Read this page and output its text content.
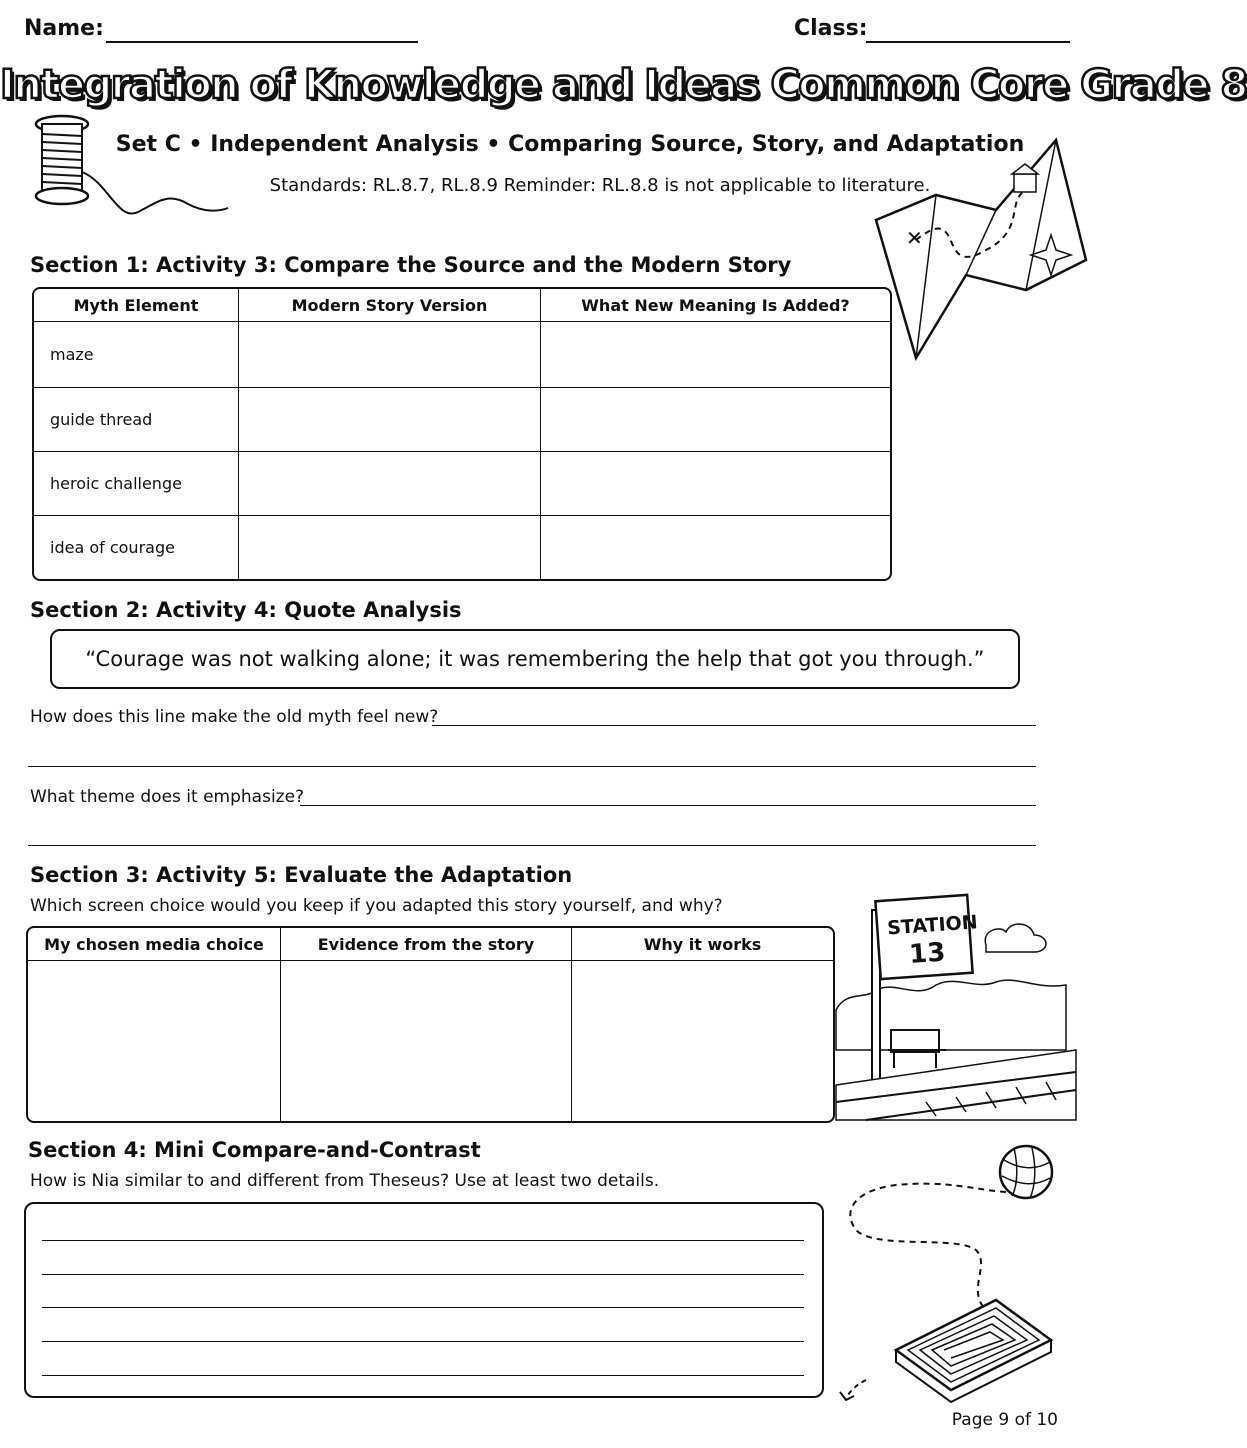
Name:	Class:
Integration of Knowledge and Ideas Common Core Grade 8
Set C • Independent Analysis • Comparing Source, Story, and Adaptation
Standards: RL.8.7, RL.8.9 Reminder: RL.8.8 is not applicable to literature.
✕
Section 1: Activity 3: Compare the Source and the Modern Story
Myth Element	Modern Story Version	What New Meaning Is Added?
maze		
guide thread		
heroic challenge		
idea of courage		
Section 2: Activity 4: Quote Analysis
“Courage was not walking alone; it was remembering the help that got you through.”
How does this line make the old myth feel new?
What theme does it emphasize?
Section 3: Activity 5: Evaluate the Adaptation
Which screen choice would you keep if you adapted this story yourself, and why?
My chosen media choice	Evidence from the story	Why it works

STATION
13
Section 4: Mini Compare-and-Contrast
How is Nia similar to and different from Theseus? Use at least two details.
Page 9 of 10
